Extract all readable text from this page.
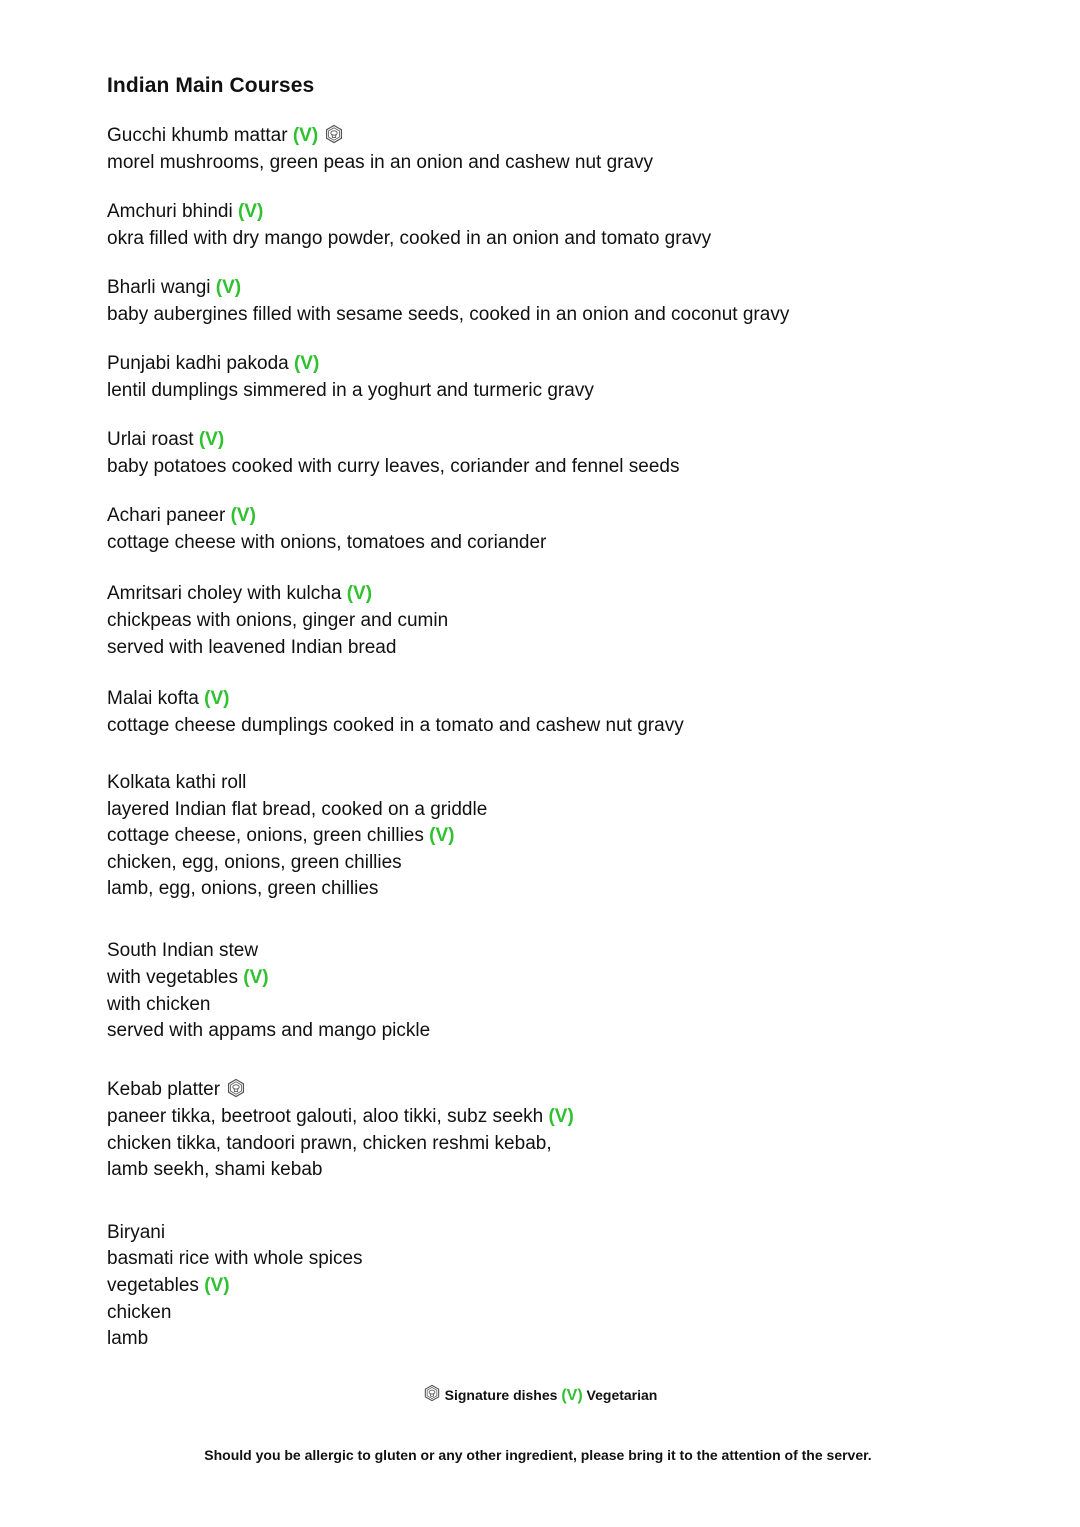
Indian Main Courses
Gucchi khumb mattar (V)
morel mushrooms, green peas in an onion and cashew nut gravy
Amchuri bhindi (V)
okra filled with dry mango powder, cooked in an onion and tomato gravy
Bharli wangi (V)
baby aubergines filled with sesame seeds, cooked in an onion and coconut gravy
Punjabi kadhi pakoda (V)
lentil dumplings simmered in a yoghurt and turmeric gravy
Urlai roast (V)
baby potatoes cooked with curry leaves, coriander and fennel seeds
Achari paneer (V)
cottage cheese with onions, tomatoes and coriander
Amritsari choley with kulcha (V)
chickpeas with onions, ginger and cumin
served with leavened Indian bread
Malai kofta (V)
cottage cheese dumplings cooked in a tomato and cashew nut gravy
Kolkata kathi roll
layered Indian flat bread, cooked on a griddle
cottage cheese, onions, green chillies (V)
chicken, egg, onions, green chillies
lamb, egg, onions, green chillies
South Indian stew
with vegetables (V)
with chicken
served with appams and mango pickle
Kebab platter
paneer tikka, beetroot galouti, aloo tikki, subz seekh (V)
chicken tikka, tandoori prawn, chicken reshmi kebab,
lamb seekh, shami kebab
Biryani
basmati rice with whole spices
vegetables (V)
chicken
lamb
Signature dishes (V) Vegetarian
Should you be allergic to gluten or any other ingredient, please bring it to the attention of the server.
